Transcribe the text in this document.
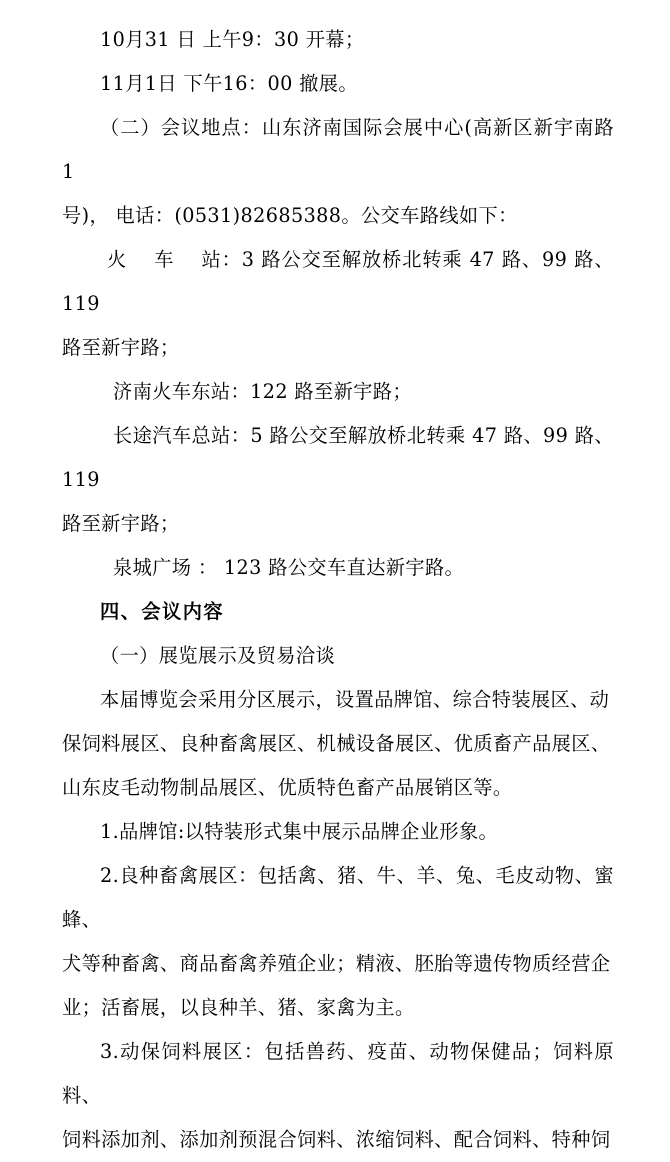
10月31 日 上午9：30 开幕；

11月1日 下午16：00 撤展。

（二）会议地点：山东济南国际会展中心(高新区新宇南路 1

号)， 电话：(0531)82685388。公交车路线如下：

火 　车　 站：3 路公交至解放桥北转乘 47 路、99 路、119

路至新宇路；

济南火车东站：122 路至新宇路；

长途汽车总站：5 路公交至解放桥北转乘 47 路、99 路、119

路至新宇路；

泉城广场 ： 123 路公交车直达新宇路。

四、会议内容

（一）展览展示及贸易洽谈

本届博览会采用分区展示，设置品牌馆、综合特装展区、动

保饲料展区、良种畜禽展区、机械设备展区、优质畜产品展区、

山东皮毛动物制品展区、优质特色畜产品展销区等。

1.品牌馆:以特装形式集中展示品牌企业形象。

2.良种畜禽展区：包括禽、猪、牛、羊、兔、毛皮动物、蜜蜂、

犬等种畜禽、商品畜禽养殖企业；精液、胚胎等遗传物质经营企

业；活畜展，以良种羊、猪、家禽为主。

3.动保饲料展区：包括兽药、疫苗、动物保健品；饲料原料、

饲料添加剂、添加剂预混合饲料、浓缩饲料、配合饲料、特种饲
